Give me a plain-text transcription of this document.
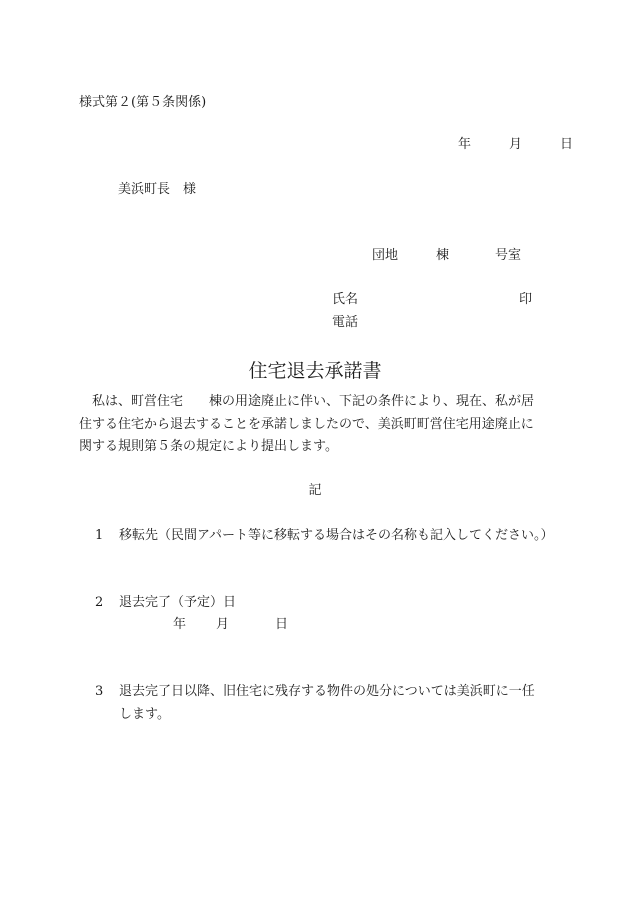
様式第２(第５条関係)
年	月	日
美浜町長 様
団地	棟	号室
氏名	印
電話
住宅退去承諾書
私は、町営住宅　　棟の用途廃止に伴い、下記の条件により、現在、私が居
住する住宅から退去することを承諾しましたので、美浜町町営住宅用途廃止に
関する規則第５条の規定により提出します。
記
1 移転先（民間アパート等に移転する場合はその名称も記入してください。）
2 退去完了（予定）日
年 月	日
3 退去完了日以降、旧住宅に残存する物件の処分については美浜町に一任
します。
